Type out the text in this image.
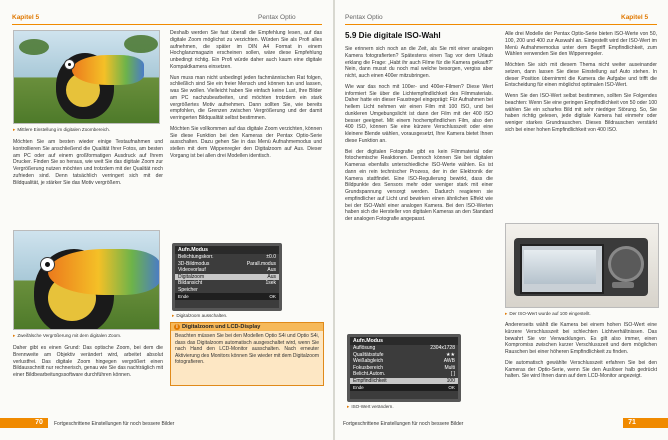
Kapitel 5	Pentax Optio
▸ Mittlere Einstellung im digitalen Zoombereich.

Möchten Sie am besten wieder einige Testaufnahmen und kontrollieren Sie anschließend die Qualität Ihrer Fotos, am besten am PC oder auf einem großformatigen Ausdruck auf Ihrem Drucker. Finden Sie so heraus, wie weit Sie das digitale Zoom zur Vergrößerung nutzen möchten und trotzdem mit der Qualität noch zufrieden sind. Denn tatsächlich verringert sich mit der Bildqualität, je stärker Sie das Motiv vergrößern.

▸ Zweifälsche Vergrößerung mit dem digitalen Zoom.

Daher gibt es einen Grund: Das optische Zoom, bei dem die Brennweite am Objektiv verändert wird, arbeitet absolut verlustfrei. Das digitale Zoom hingegen vergrößert einen Bildausschnitt nur rechnerisch, genau wie Sie das nachträglich mit einer Bildbearbeitungssoftware durchführen können.

Deshalb werden Sie fast überall die Empfehlung lesen, auf das digitale Zoom möglichst zu verzichten. Würden Sie als Profi alles aufnehmen, die später im DIN A4 Format in einem Hochglanzmagazin erscheinen sollen, wäre diese Empfehlung unbedingt richtig. Ein Profi würde daher auch kaum eine digitale Kompaktkamera einsetzen.

Nun muss man nicht unbedingt jeden fachmännischen Rat folgen, schließlich sind Sie ein freier Mensch und können tun und lassen, was Sie wollen. Vielleicht haben Sie einfach keine Lust, Ihre Bilder am PC nachzubearbeiten, und möchten trotzdem ein stark vergrößertes Motiv aufnehmen. Dann sollten Sie, wie bereits empfohlen, die Grenzen zwischen Vergrößerung und der damit verringerten Bildqualität selbst bestimmen.

Möchten Sie vollkommen auf das digitale Zoom verzichten, können Sie diese Funktion bei den Kameras der Pentax Optio-Serie ausschalten. Dazu gehen Sie in das Menü Aufnahmemodus und stellen mit dem Wippenregler den Digitalzoom auf Aus. Dieser Vorgang ist bei allen drei Modellen identisch.

Aufn.Modus
Belichtungskorr.	±0.0
3D-Bildmodus	Parall.modus
Videovorlauf	Aus
Digitalzoom	Aus
Bildansicht	1sek
Speicher
Ende	OK
▸ Digitalzoom ausschalten.
i Digitalzoom und LCD-Display
Beachten müssen Sie bei den Modellen Optio S4i und Optio S4i, dass das Digitalzoom automatisch ausgeschaltet wird, wenn Sie nach Hand den LCD-Monitor ausschalten. Nach erneuter Aktivierung des Monitors können Sie wieder mit dem Digitalzoom fotografieren.
70	Fortgeschrittene Einstellungen für noch bessere Bilder
Pentax Optio	Kapitel 5
5.9 Die digitale ISO-Wahl

Sie erinnern sich noch an die Zeit, als Sie mit einer analogen Kamera fotografierten? Spätestens einen Tag vor dem Urlaub erklang die Frage: „Habt ihr auch Filme für die Kamera gekauft?“ Nein, dann musst du noch mal welche besorgen, vergiss aber nicht, auch einen 400er mitzubringen.

Wie war das noch mit 100er- und 400er-Filmen? Diese Wert informiert Sie über die Lichtempfindlichkeit des Filmmaterials. Daher hatte ein dieser Faustregel eingeprägt: Für Aufnahmen bei hellem Licht nehmen wir einen Film mit 100 ISO, und bei dunkleren Umgebungslicht ist dann der Film mit der 400 ISO besser geeignet. Mit einem hochempfindlichen Film, also den 400 ISO, können Sie eine kürzere Verschlusszeit oder eine kleinere Blende wählen, vorausgesetzt, Ihre Kamera bietet Ihnen diese Funktion an.

Bei der digitalen Fotografie gibt es kein Filmmaterial oder fotochemische Reaktionen. Dennoch können Sie bei digitalen Kameras ebenfalls unterschiedliche ISO-Werte wählen. Es ist dann ein rein technischer Prozess, der in der Elektronik der Kamera stattfindet. Eine ISO-Regulierung bewirkt, dass die Bildpunkte des Sensors mehr oder weniger stark mit einer Grundspannung versorgt werden. Dadurch reagieren sie empfindlicher auf Licht und bewirken einen ähnlichen Effekt wie bei der ISO-Wahl einer analogen Kamera. Bei den ISO-Werten haben sich die Hersteller von digitalen Kameras an den Standard der analogen Fotografie angepasst.

Aufn.Modus
Auflösung	2304x1728
Qualitätsstufe	★★
Weißabgleich	AWB
Fokusbereich	Multi
Belicht.Autom.	[ ]
Empfindlichkeit	100
Ende	OK
▸ ISO-Wert verändern.

Alle drei Modelle der Pentax Optio-Serie bieten ISO-Werte von 50, 100, 200 und 400 zur Auswahl an. Eingestellt wird der ISO-Wert im Menü Aufnahmemodus unter dem Begriff Empfindlichkeit, zum Wählen verwenden Sie den Wippenregeler.

Möchten Sie sich mit diesem Thema nicht weiter auseinander setzen, dann lassen Sie diese Einstellung auf Auto stehen. In dieser Position übernimmt die Kamera die Aufgabe und trifft die Entscheidung für einen möglichst optimalen ISO-Wert.

Wenn Sie den ISO-Wert selbst bestimmen, sollten Sie Folgendes beachten: Wenn Sie eine geringen Empfindlichkeit von 50 oder 100 wählen Sie ein scharfes Bild mit sehr niedriger Störung. So, Sie haben richtig gelesen, jede digitale Kamera hat einmehr oder weniger starkes Grundrauschen. Dieses Bildrauschen verstärkt sich bei einer hohen Empfindlichkeit von 400 ISO.

▸ Der ISO-Wert wurde auf 100 eingestellt.

Andererseits wählt die Kamera bei einem hohen ISO-Wert eine kürzere Verschlusszeit bei schlechten Lichtverhältnissen. Das bewahrt Sie vor Verwacklungen. Es gilt also immer, einen Kompromiss zwischen kurzer Verschlusszeit und dem möglichen Rauschen bei einer höheren Empfindlichkeit zu finden.

Die automatisch gewählte Verschlusszeit erfahren Sie bei den Kameras der Optio-Serie, wenn Sie den Auslöser halb gedrückt halten. Sie wird Ihnen dann auf dem LCD-Monitor angezeigt.

Fortgeschrittene Einstellungen für noch bessere Bilder	71
